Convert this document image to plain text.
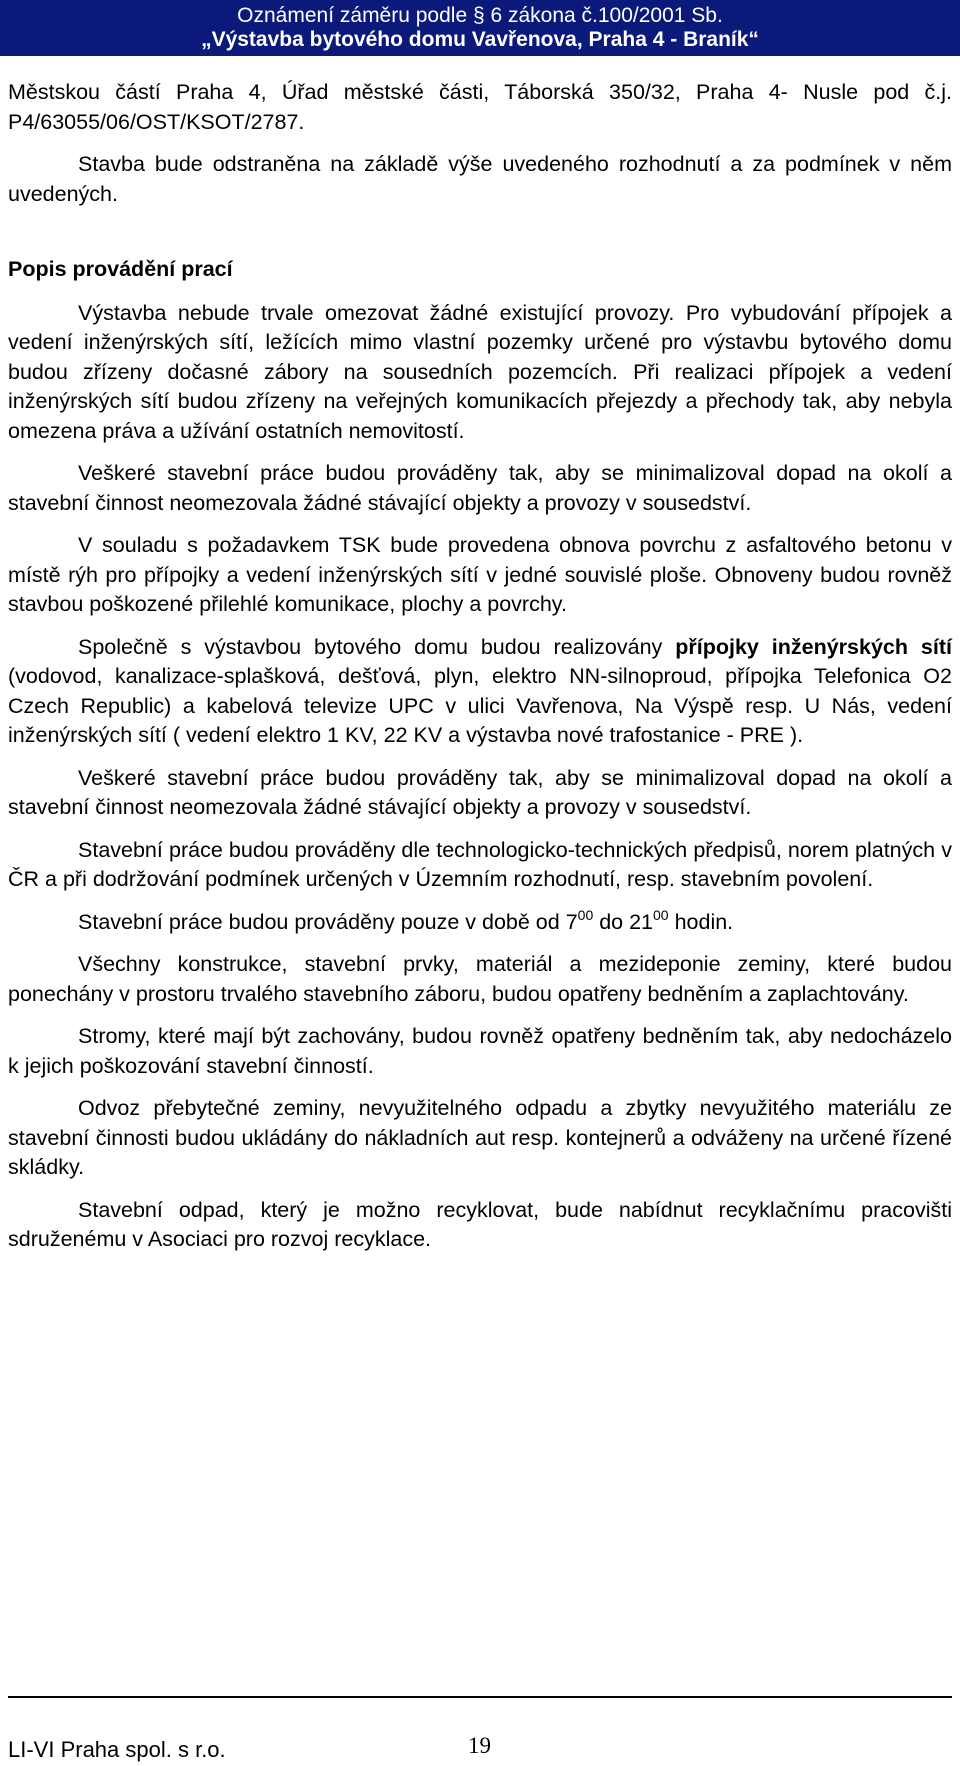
Oznámení záměru podle § 6 zákona č.100/2001 Sb.
„Výstavba bytového domu Vavřenova, Praha 4 - Braník“

Městskou částí Praha 4, Úřad městské části, Táborská 350/32, Praha 4- Nusle pod č.j. P4/63055/06/OST/KSOT/2787.

Stavba bude odstraněna na základě výše uvedeného rozhodnutí a za podmínek v něm uvedených.

Popis provádění prací

Výstavba nebude trvale omezovat žádné existující provozy. Pro vybudování přípojek a vedení inženýrských sítí, ležících mimo vlastní pozemky určené pro výstavbu bytového domu budou zřízeny dočasné zábory na sousedních pozemcích. Při realizaci přípojek a vedení inženýrských sítí budou zřízeny na veřejných komunikacích přejezdy a přechody tak, aby nebyla omezena práva a užívání ostatních nemovitostí.

Veškeré stavební práce budou prováděny tak, aby se minimalizoval dopad na okolí a stavební činnost neomezovala žádné stávající objekty a provozy v sousedství.

V souladu s požadavkem TSK bude provedena obnova povrchu z asfaltového betonu v místě rýh pro přípojky a vedení inženýrských sítí v jedné souvislé ploše. Obnoveny budou rovněž stavbou poškozené přilehlé komunikace, plochy a povrchy.

Společně s výstavbou bytového domu budou realizovány přípojky inženýrských sítí (vodovod, kanalizace-splašková, dešťová, plyn, elektro NN-silnoproud, přípojka Telefonica O2 Czech Republic) a kabelová televize UPC v ulici Vavřenova, Na Výspě resp. U Nás, vedení inženýrských sítí ( vedení elektro 1 KV, 22 KV a výstavba nové trafostanice - PRE ).

Veškeré stavební práce budou prováděny tak, aby se minimalizoval dopad na okolí a stavební činnost neomezovala žádné stávající objekty a provozy v sousedství.

Stavební práce budou prováděny dle technologicko-technických předpisů, norem platných v ČR a při dodržování podmínek určených v Územním rozhodnutí, resp. stavebním povolení.

Stavební práce budou prováděny pouze v době od $7^{00}$ do $21^{00}$ hodin.

Všechny konstrukce, stavební prvky, materiál a mezideponie zeminy, které budou ponechány v prostoru trvalého stavebního záboru, budou opatřeny bedněním a zaplachtovány.

Stromy, které mají být zachovány, budou rovněž opatřeny bedněním tak, aby nedocházelo k jejich poškozování stavební činností.

Odvoz přebytečné zeminy, nevyužitelného odpadu a zbytky nevyužitého materiálu ze stavební činnosti budou ukládány do nákladních aut resp. kontejnerů a odváženy na určené řízené skládky.

Stavební odpad, který je možno recyklovat, bude nabídnut recyklačnímu pracovišti sdruženému v Asociaci pro rozvoj recyklace.

LI-VI Praha spol. s r.o.	19
